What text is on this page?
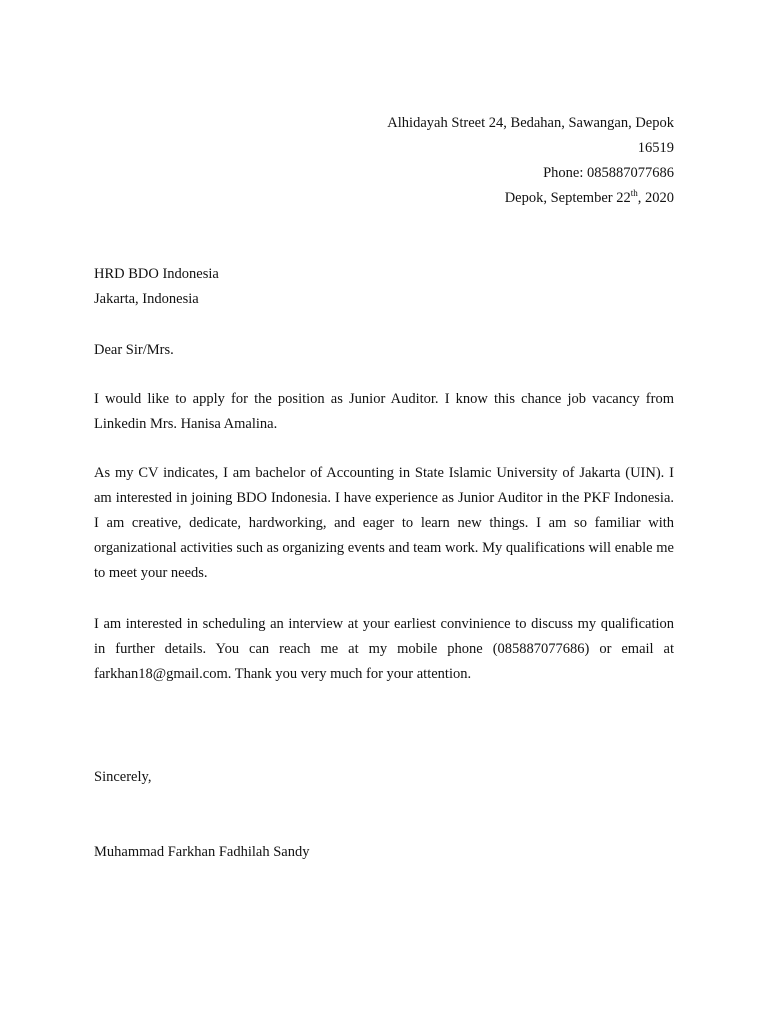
Alhidayah Street 24, Bedahan, Sawangan, Depok
16519
Phone: 085887077686
Depok, September 22th, 2020
HRD BDO Indonesia
Jakarta, Indonesia

Dear Sir/Mrs.

I would like to apply for the position as Junior Auditor. I know this chance job vacancy from Linkedin Mrs. Hanisa Amalina.

As my CV indicates, I am bachelor of Accounting in State Islamic University of Jakarta (UIN). I am interested in joining BDO Indonesia. I have experience as Junior Auditor in the PKF Indonesia. I am creative, dedicate, hardworking, and eager to learn new things. I am so familiar with organizational activities such as organizing events and team work. My qualifications will enable me to meet your needs.

I am interested in scheduling an interview at your earliest convinience to discuss my qualification in further details. You can reach me at my mobile phone (085887077686) or email at farkhan18@gmail.com. Thank you very much for your attention.

Sincerely,

Muhammad Farkhan Fadhilah Sandy
